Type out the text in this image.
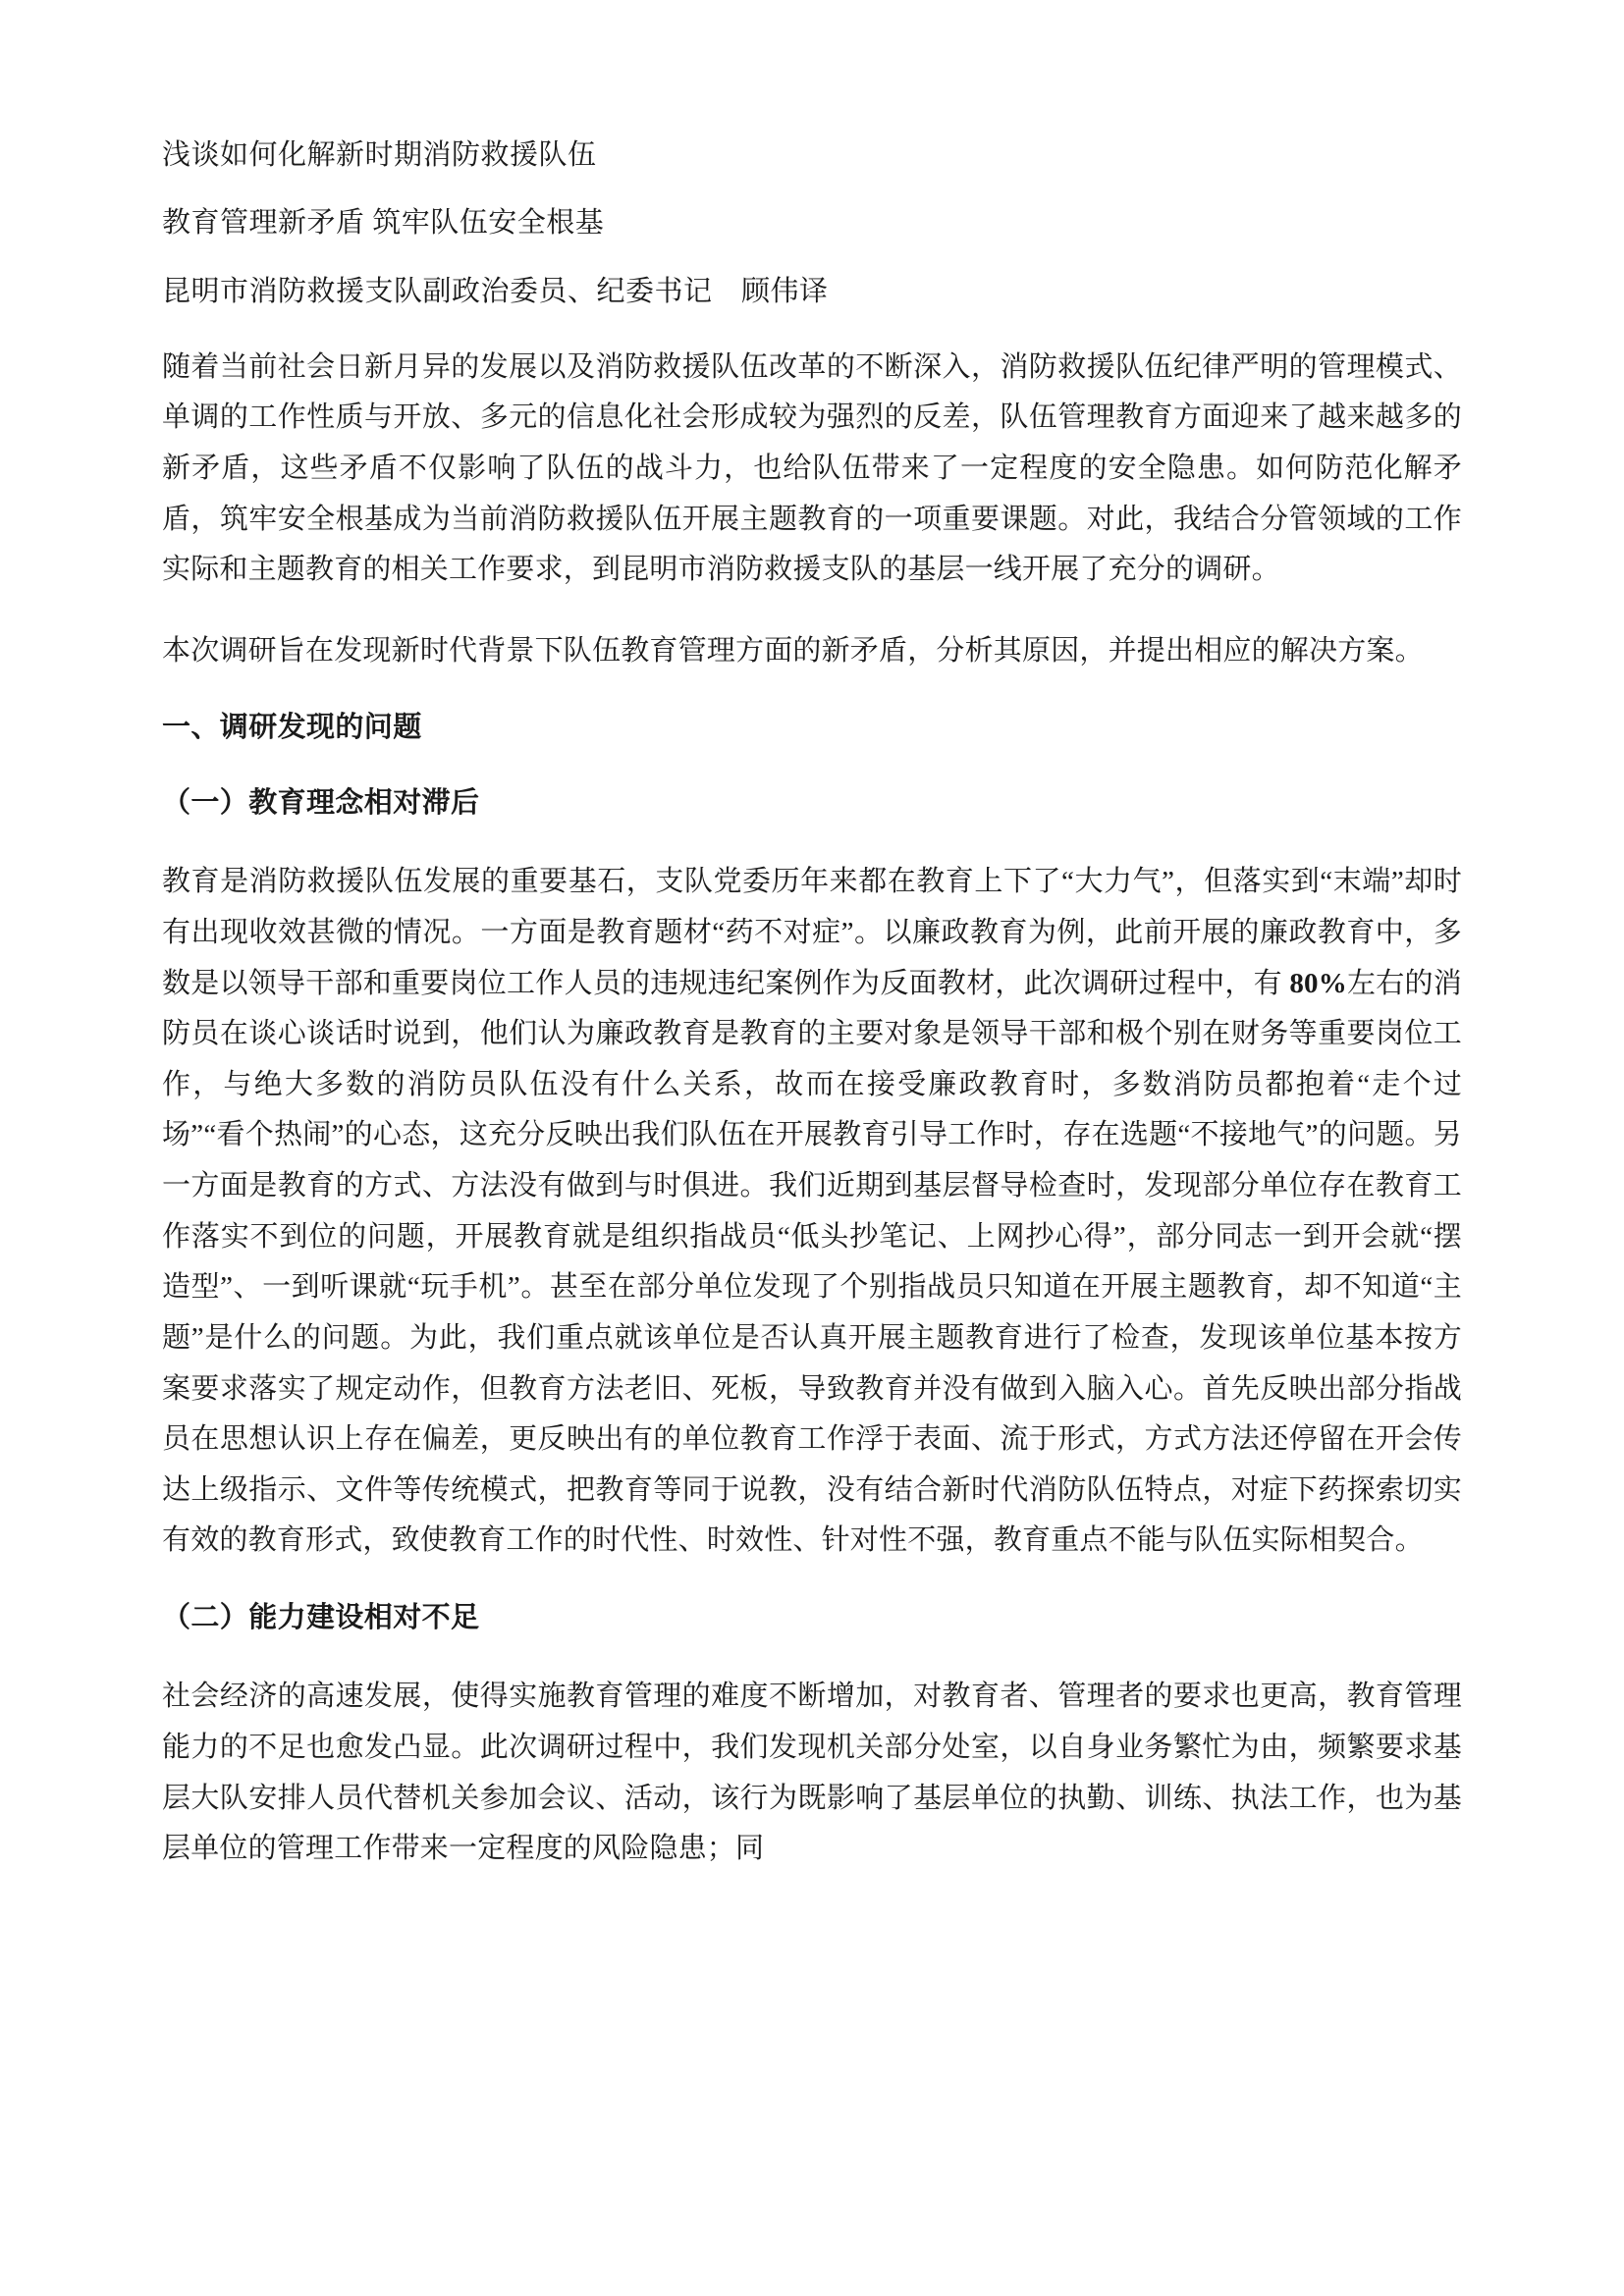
浅谈如何化解新时期消防救援队伍
教育管理新矛盾 筑牢队伍安全根基

昆明市消防救援支队副政治委员、纪委书记　顾伟译

随着当前社会日新月异的发展以及消防救援队伍改革的不断深入，消防救援队伍纪律严明的管理模式、单调的工作性质与开放、多元的信息化社会形成较为强烈的反差，队伍管理教育方面迎来了越来越多的新矛盾，这些矛盾不仅影响了队伍的战斗力，也给队伍带来了一定程度的安全隐患。如何防范化解矛盾，筑牢安全根基成为当前消防救援队伍开展主题教育的一项重要课题。对此，我结合分管领域的工作实际和主题教育的相关工作要求，到昆明市消防救援支队的基层一线开展了充分的调研。

本次调研旨在发现新时代背景下队伍教育管理方面的新矛盾，分析其原因，并提出相应的解决方案。

一、调研发现的问题
（一）教育理念相对滞后

教育是消防救援队伍发展的重要基石，支队党委历年来都在教育上下了“大力气”，但落实到“末端”却时有出现收效甚微的情况。一方面是教育题材“药不对症”。以廉政教育为例，此前开展的廉政教育中，多数是以领导干部和重要岗位工作人员的违规违纪案例作为反面教材，此次调研过程中，有 80%左右的消防员在谈心谈话时说到，他们认为廉政教育是教育的主要对象是领导干部和极个别在财务等重要岗位工作，与绝大多数的消防员队伍没有什么关系，故而在接受廉政教育时，多数消防员都抱着“走个过场”“看个热闹”的心态，这充分反映出我们队伍在开展教育引导工作时，存在选题“不接地气”的问题。另一方面是教育的方式、方法没有做到与时俱进。我们近期到基层督导检查时，发现部分单位存在教育工作落实不到位的问题，开展教育就是组织指战员“低头抄笔记、上网抄心得”，部分同志一到开会就“摆造型”、一到听课就“玩手机”。甚至在部分单位发现了个别指战员只知道在开展主题教育，却不知道“主题”是什么的问题。为此，我们重点就该单位是否认真开展主题教育进行了检查，发现该单位基本按方案要求落实了规定动作，但教育方法老旧、死板，导致教育并没有做到入脑入心。首先反映出部分指战员在思想认识上存在偏差，更反映出有的单位教育工作浮于表面、流于形式，方式方法还停留在开会传达上级指示、文件等传统模式，把教育等同于说教，没有结合新时代消防队伍特点，对症下药探索切实有效的教育形式，致使教育工作的时代性、时效性、针对性不强，教育重点不能与队伍实际相契合。

（二）能力建设相对不足

社会经济的高速发展，使得实施教育管理的难度不断增加，对教育者、管理者的要求也更高，教育管理能力的不足也愈发凸显。此次调研过程中，我们发现机关部分处室，以自身业务繁忙为由，频繁要求基层大队安排人员代替机关参加会议、活动，该行为既影响了基层单位的执勤、训练、执法工作，也为基层单位的管理工作带来一定程度的风险隐患；同
